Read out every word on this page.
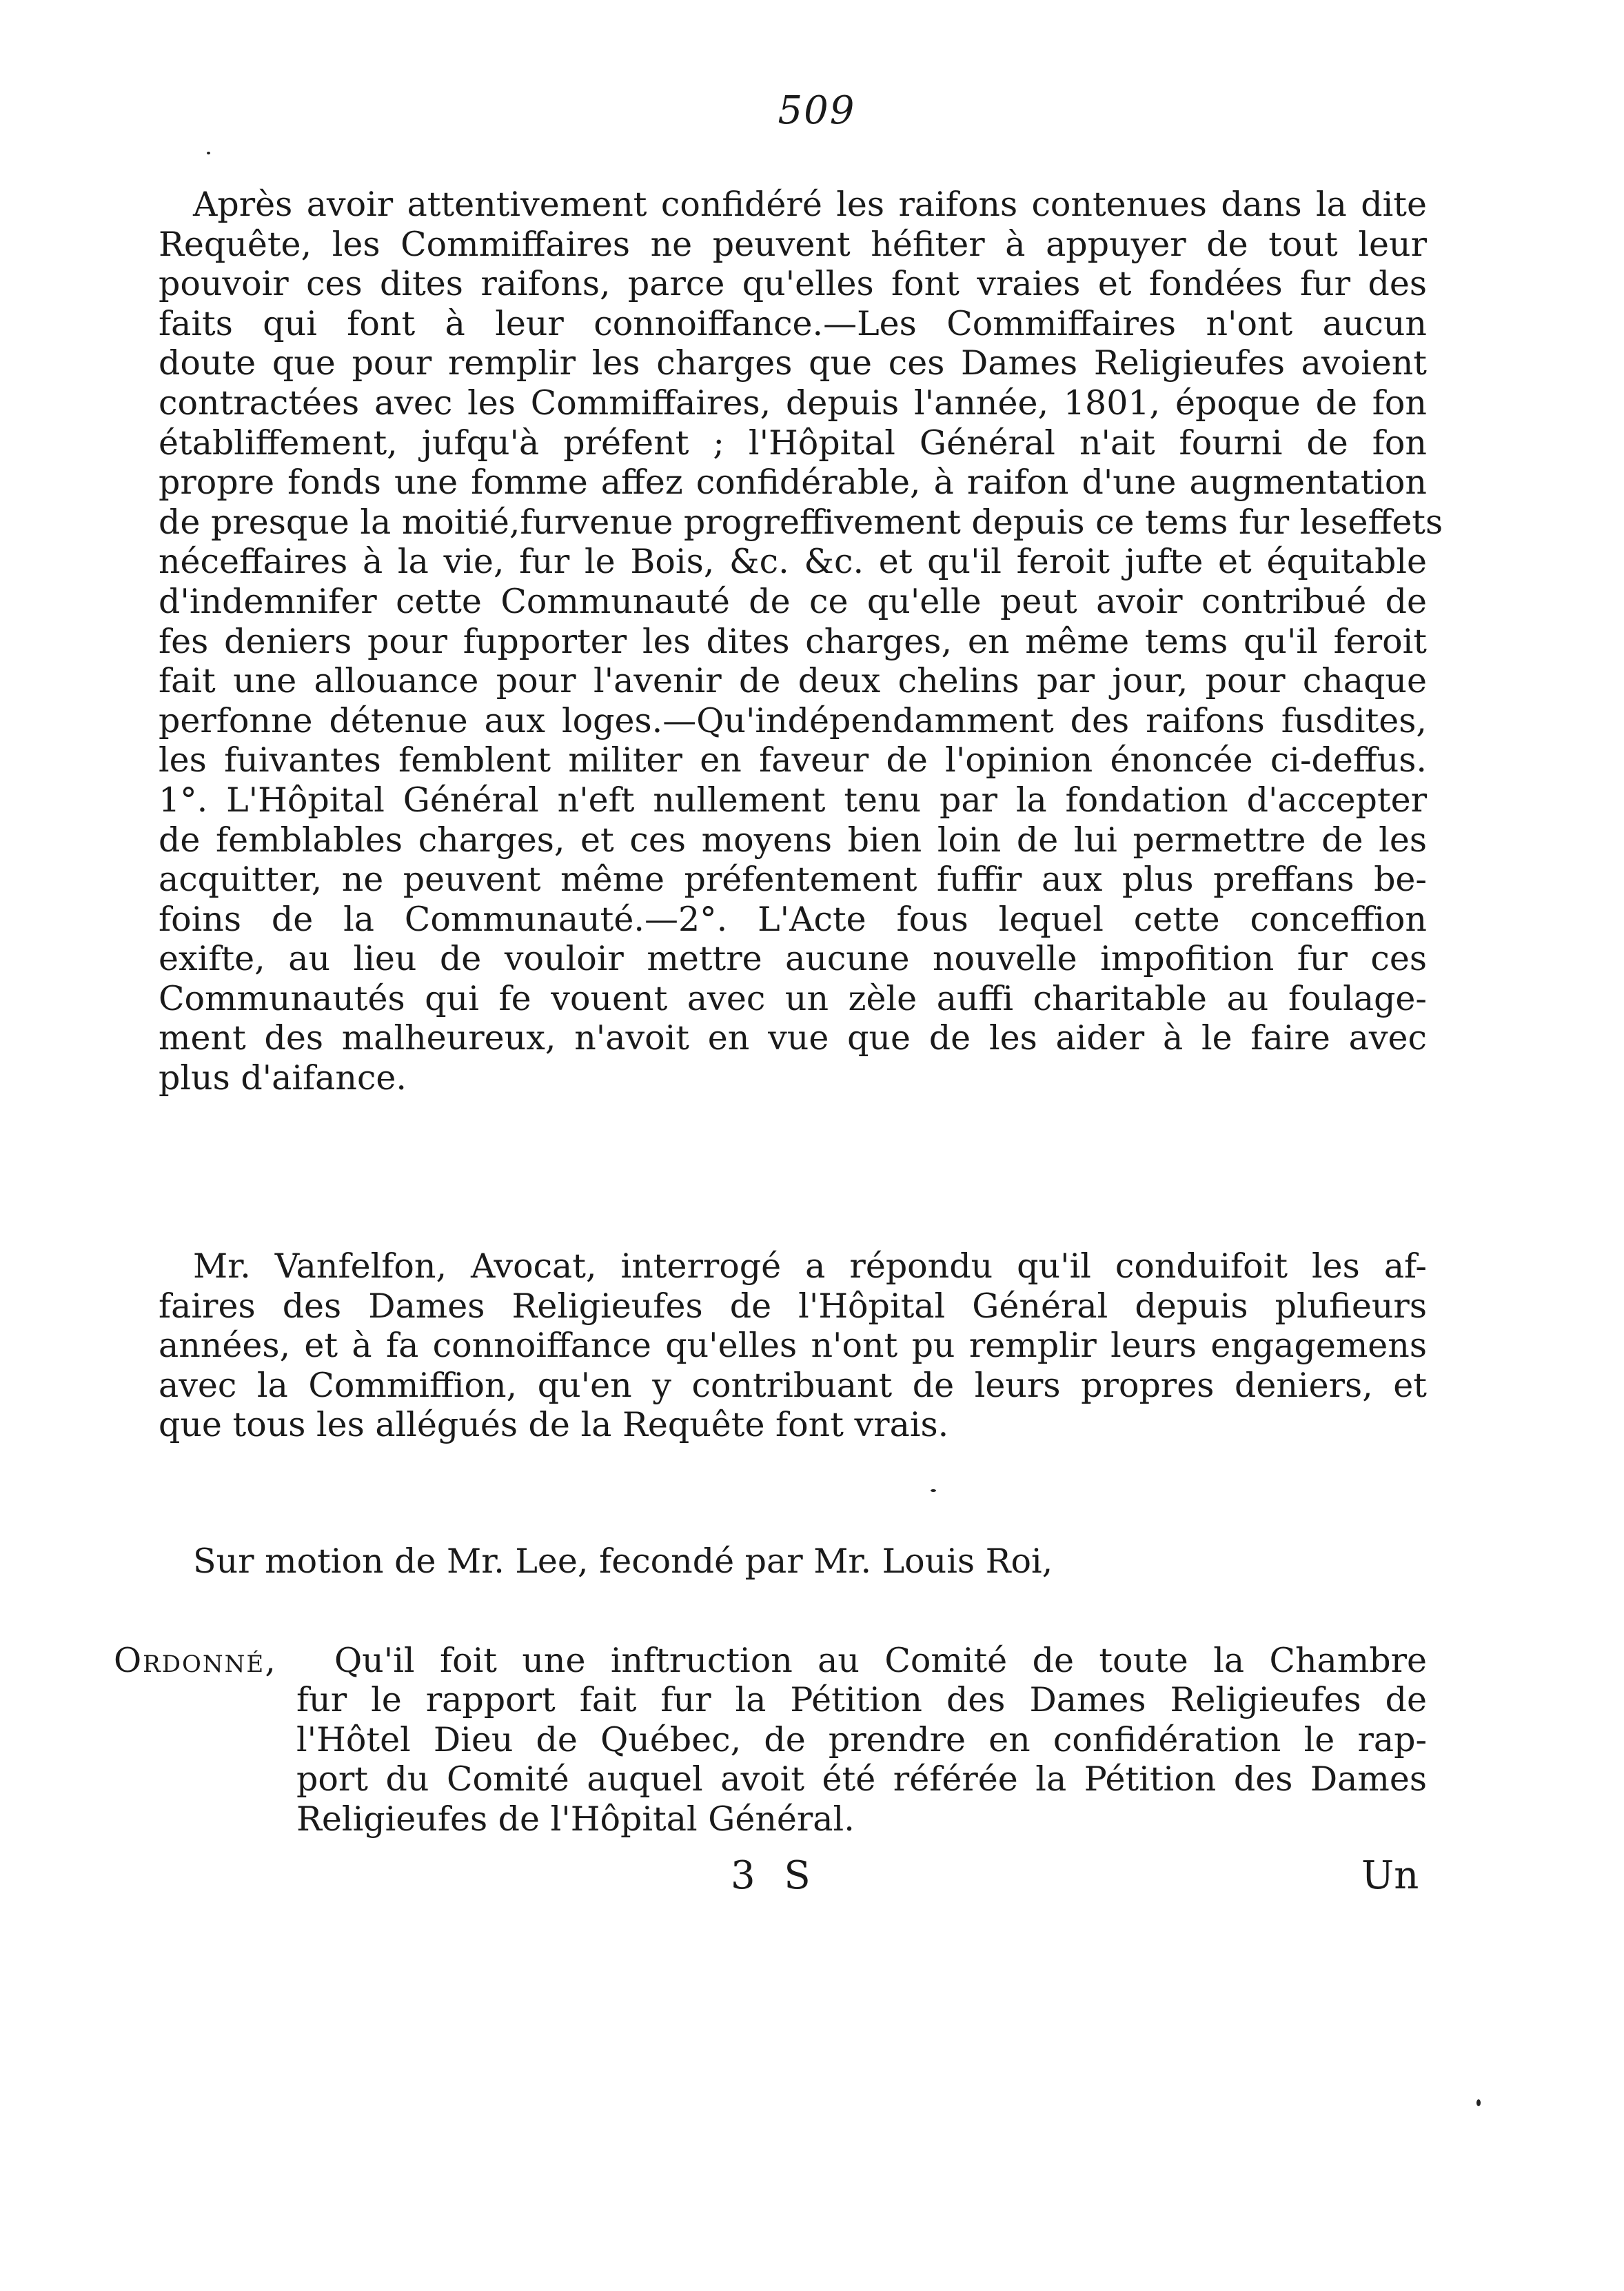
509
Après avoir attentivement confidéré les raifons contenues dans la dite
Requête, les Commiffaires ne peuvent héfiter à appuyer de tout leur
pouvoir ces dites raifons, parce qu'elles font vraies et fondées fur des
faits qui font à leur connoiffance.—Les Commiffaires n'ont aucun
doute que pour remplir les charges que ces Dames Religieufes avoient
contractées avec les Commiffaires, depuis l'année, 1801, époque de fon
établiffement, jufqu'à préfent ; l'Hôpital Général n'ait fourni de fon
propre fonds une fomme affez confidérable, à raifon d'une augmentation
de presque la moitié,furvenue progreffivement depuis ce tems fur leseffets
néceffaires à la vie, fur le Bois, &c. &c. et qu'il feroit jufte et équitable
d'indemnifer cette Communauté de ce qu'elle peut avoir contribué de
fes deniers pour fupporter les dites charges, en même tems qu'il feroit
fait une allouance pour l'avenir de deux chelins par jour, pour chaque
perfonne détenue aux loges.—Qu'indépendamment des raifons fusdites,
les fuivantes femblent militer en faveur de l'opinion énoncée ci-deffus.
1°. L'Hôpital Général n'eft nullement tenu par la fondation d'accepter
de femblables charges, et ces moyens bien loin de lui permettre de les
acquitter, ne peuvent même préfentement fuffir aux plus preffans be-
foins de la Communauté.—2°. L'Acte fous lequel cette conceffion
exifte, au lieu de vouloir mettre aucune nouvelle impofition fur ces
Communautés qui fe vouent avec un zèle auffi charitable au foulage-
ment des malheureux, n'avoit en vue que de les aider à le faire avec
plus d'aifance.
Mr. Vanfelfon, Avocat, interrogé a répondu qu'il conduifoit les af-
faires des Dames Religieufes de l'Hôpital Général depuis plufieurs
années, et à fa connoiffance qu'elles n'ont pu remplir leurs engagemens
avec la Commiffion, qu'en y contribuant de leurs propres deniers, et
que tous les allégués de la Requête font vrais.
Sur motion de Mr. Lee, fecondé par Mr. Louis Roi,
Ordonné, Qu'il foit une inftruction au Comité de toute la Chambre
fur le rapport fait fur la Pétition des Dames Religieufes de
l'Hôtel Dieu de Québec, de prendre en confidération le rap-
port du Comité auquel avoit été référée la Pétition des Dames
Religieufes de l'Hôpital Général.
3 S	Un
